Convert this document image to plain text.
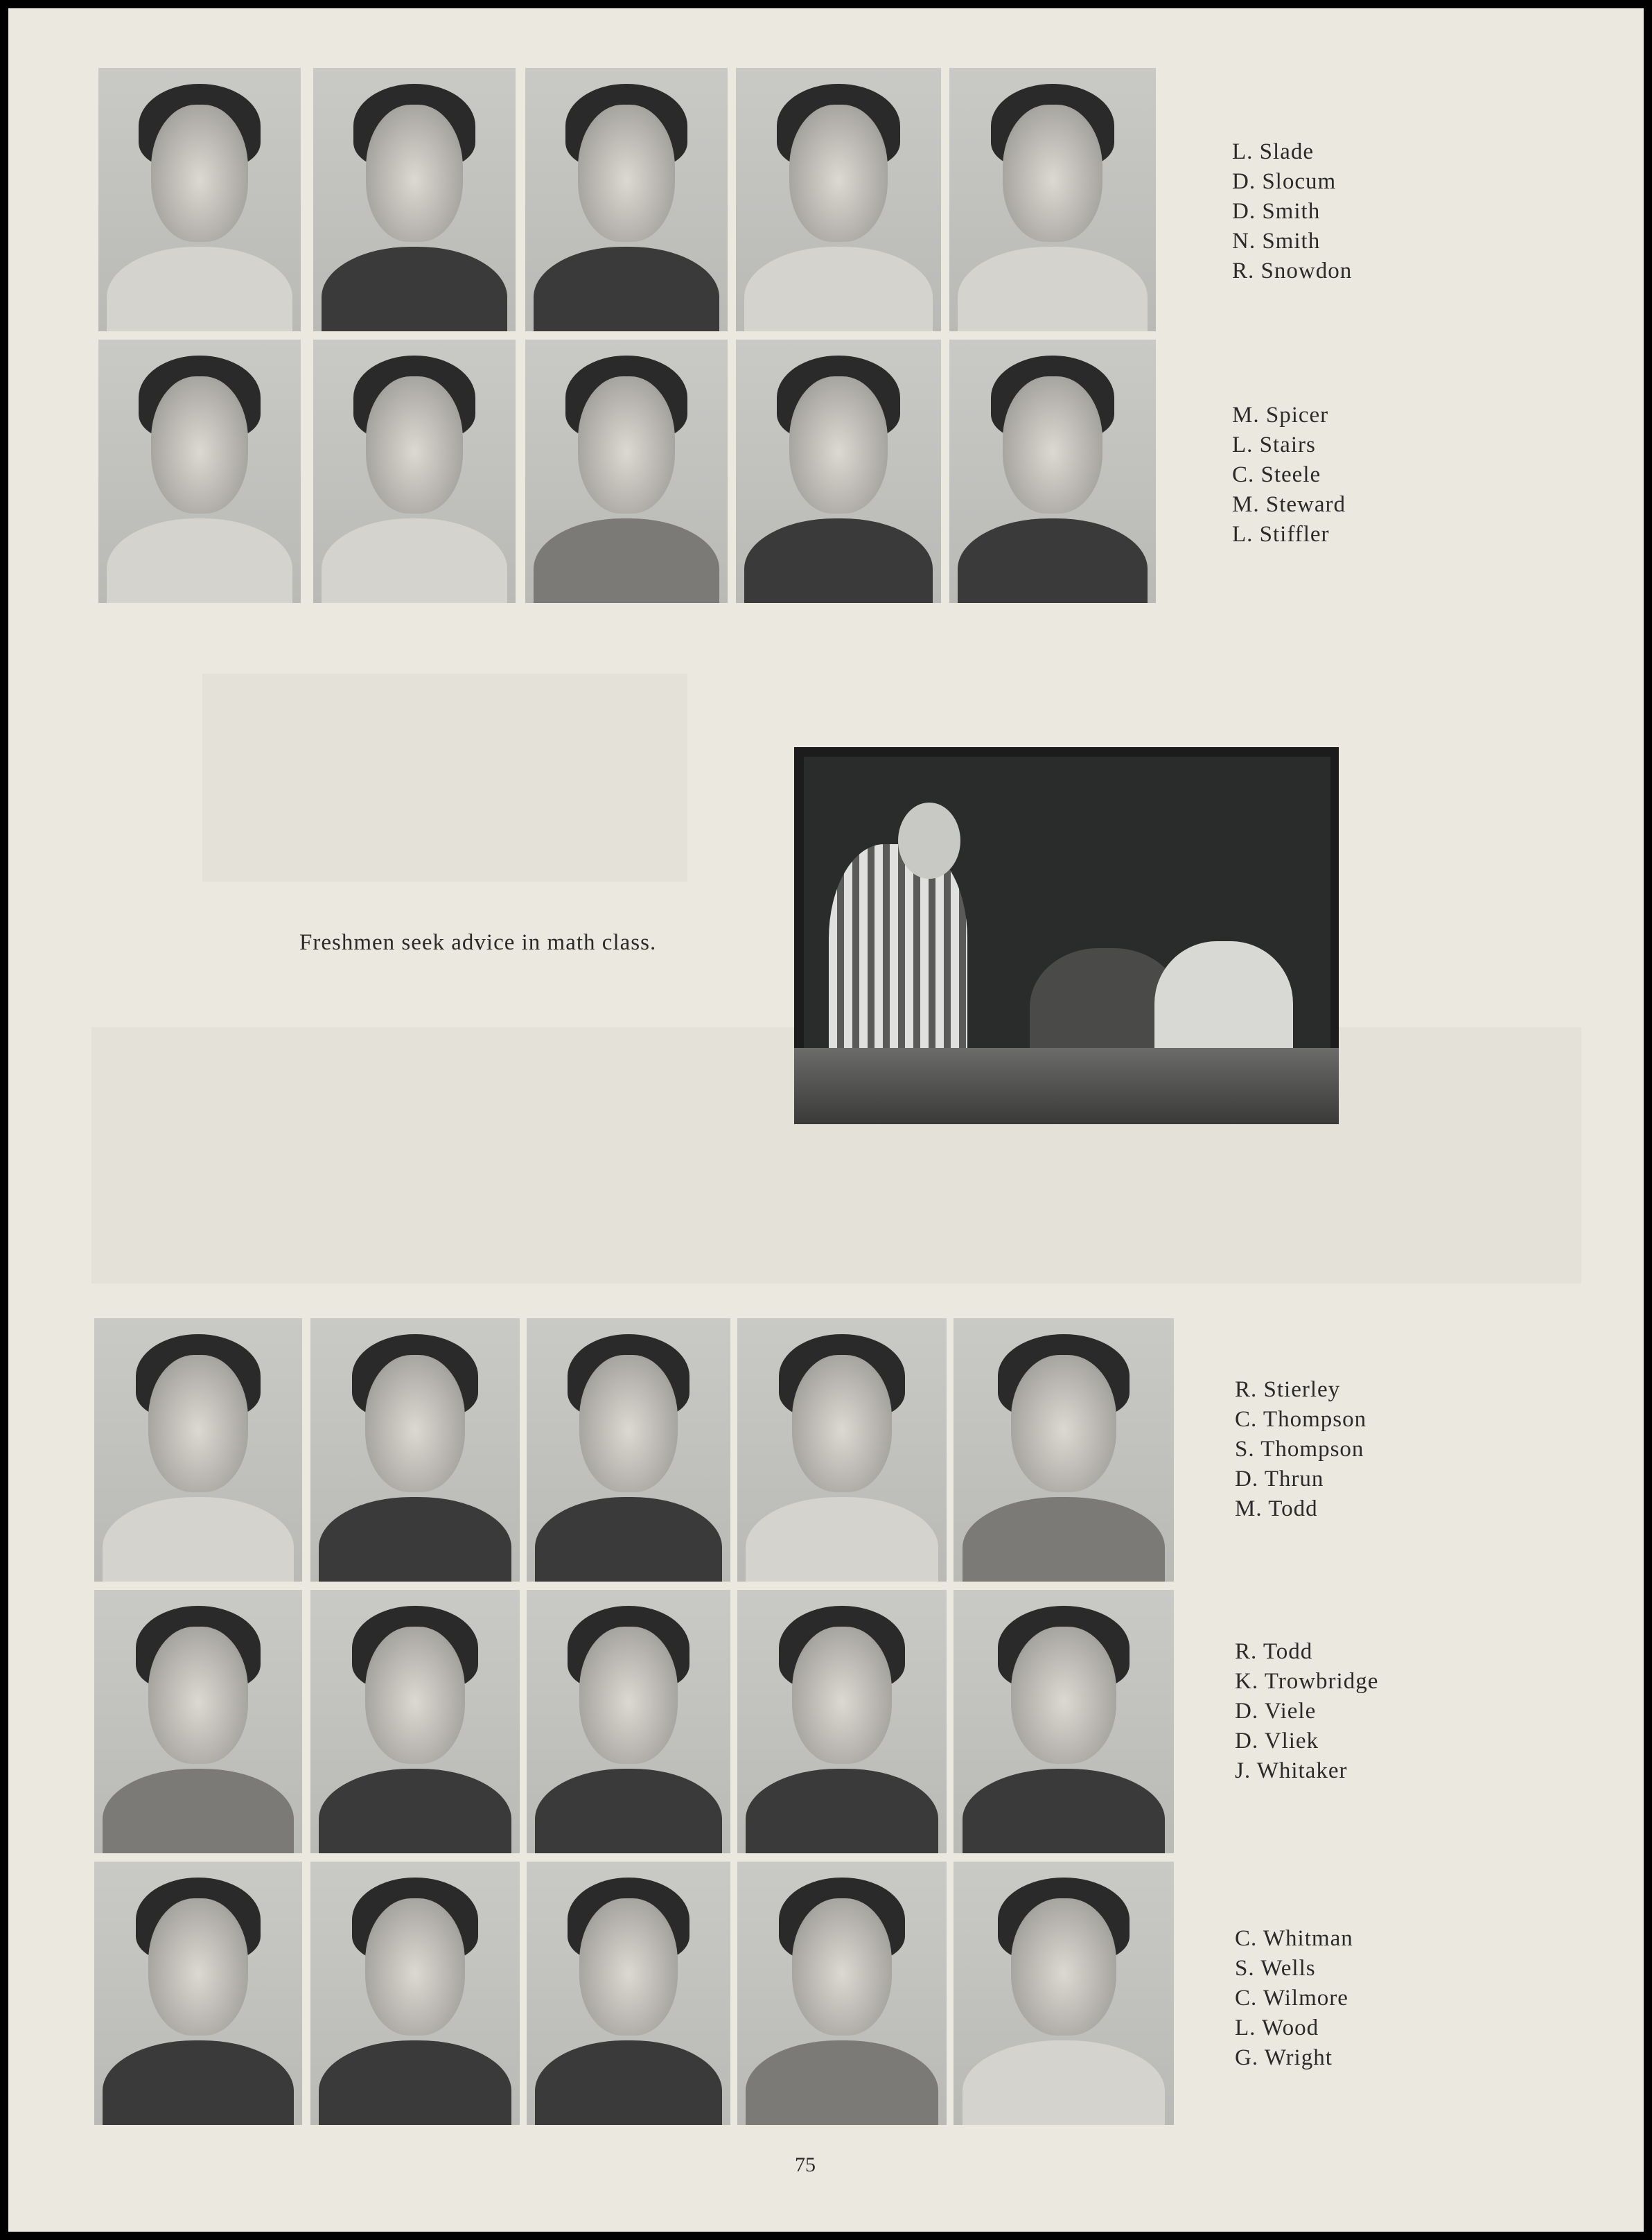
L. Slade
D. Slocum
D. Smith
N. Smith
R. Snowdon
M. Spicer
L. Stairs
C. Steele
M. Steward
L. Stiffler
Freshmen seek advice in math class.
R. Stierley
C. Thompson
S. Thompson
D. Thrun
M. Todd
R. Todd
K. Trowbridge
D. Viele
D. Vliek
J. Whitaker
C. Whitman
S. Wells
C. Wilmore
L. Wood
G. Wright
75
